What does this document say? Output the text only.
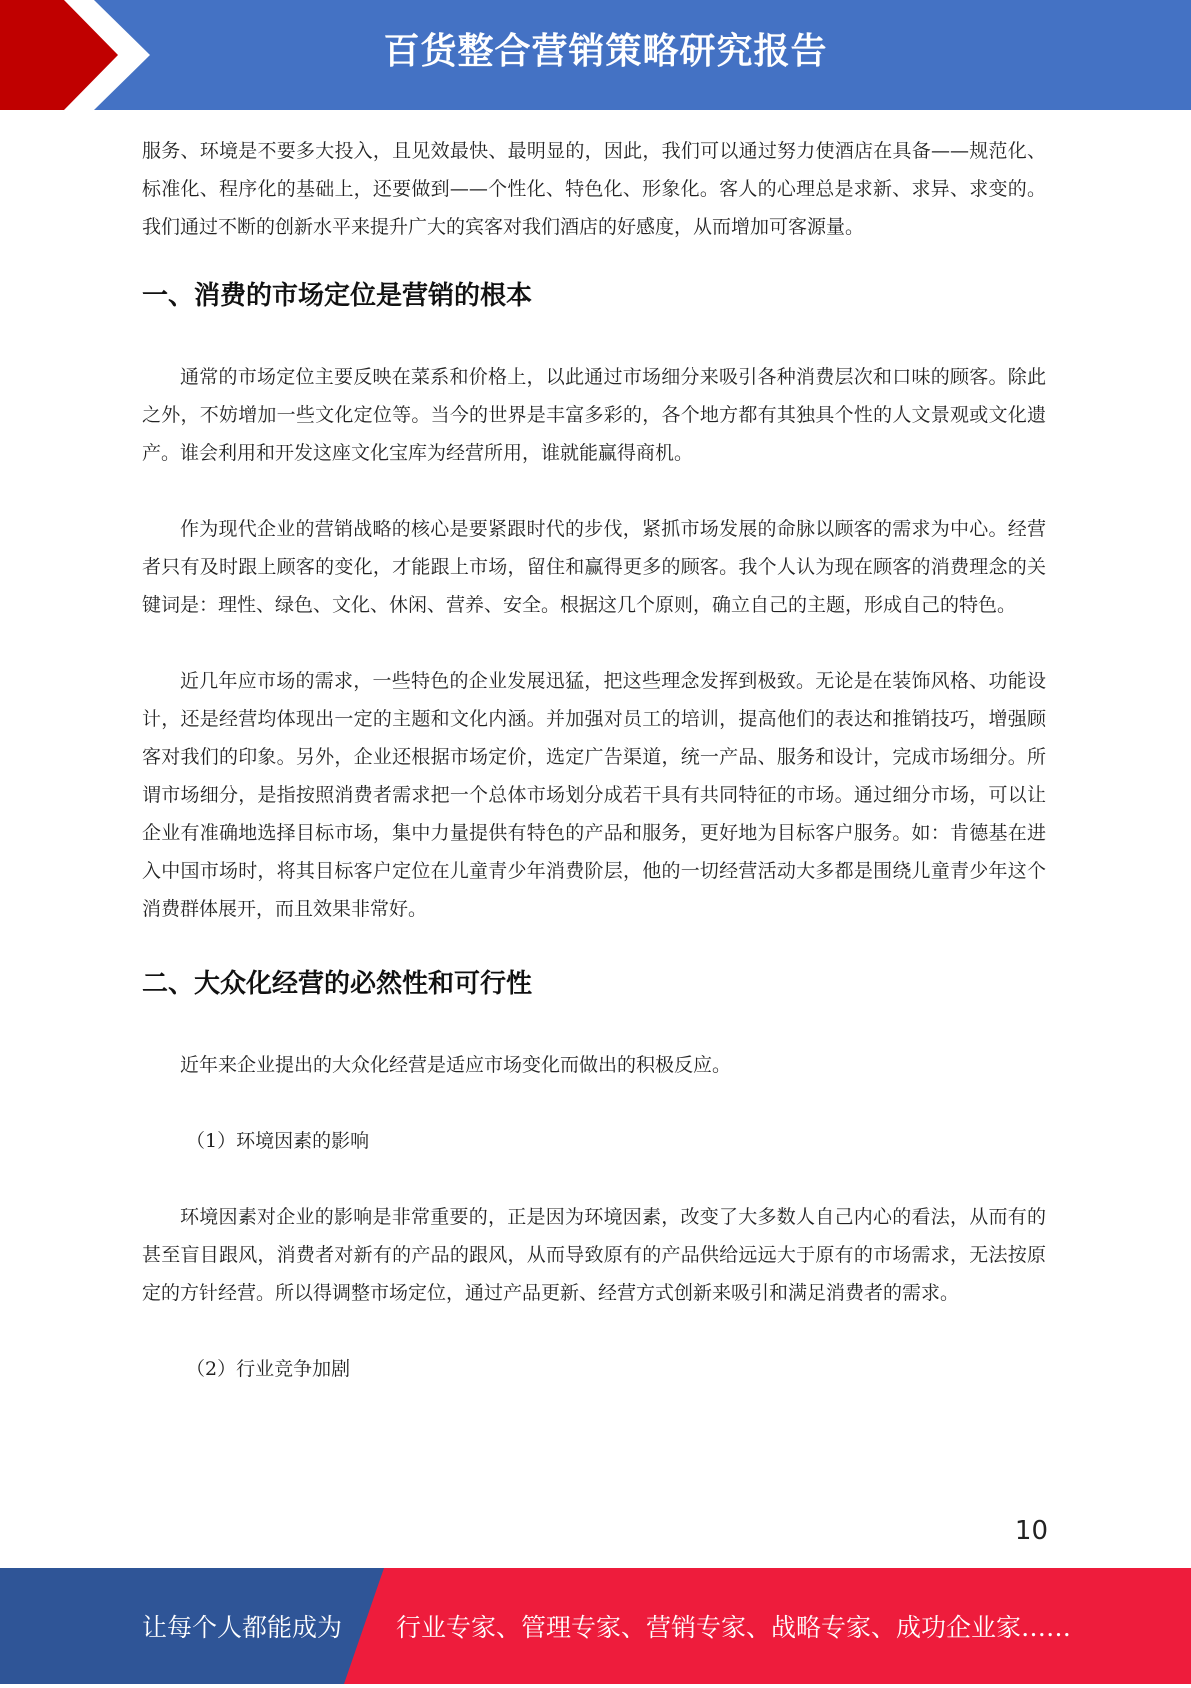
百货整合营销策略研究报告

服务、环境是不要多大投入，且见效最快、最明显的，因此，我们可以通过努力使酒店在具备——规范化、标准化、程序化的基础上，还要做到——个性化、特色化、形象化。客人的心理总是求新、求异、求变的。我们通过不断的创新水平来提升广大的宾客对我们酒店的好感度，从而增加可客源量。

一、消费的市场定位是营销的根本

通常的市场定位主要反映在菜系和价格上，以此通过市场细分来吸引各种消费层次和口味的顾客。除此之外，不妨增加一些文化定位等。当今的世界是丰富多彩的，各个地方都有其独具个性的人文景观或文化遗产。谁会利用和开发这座文化宝库为经营所用，谁就能赢得商机。

作为现代企业的营销战略的核心是要紧跟时代的步伐，紧抓市场发展的命脉以顾客的需求为中心。经营者只有及时跟上顾客的变化，才能跟上市场，留住和赢得更多的顾客。我个人认为现在顾客的消费理念的关键词是：理性、绿色、文化、休闲、营养、安全。根据这几个原则，确立自己的主题，形成自己的特色。

近几年应市场的需求，一些特色的企业发展迅猛，把这些理念发挥到极致。无论是在装饰风格、功能设计，还是经营均体现出一定的主题和文化内涵。并加强对员工的培训，提高他们的表达和推销技巧，增强顾客对我们的印象。另外，企业还根据市场定价，选定广告渠道，统一产品、服务和设计，完成市场细分。所谓市场细分，是指按照消费者需求把一个总体市场划分成若干具有共同特征的市场。通过细分市场，可以让企业有准确地选择目标市场，集中力量提供有特色的产品和服务，更好地为目标客户服务。如：肯德基在进入中国市场时，将其目标客户定位在儿童青少年消费阶层，他的一切经营活动大多都是围绕儿童青少年这个消费群体展开，而且效果非常好。

二、大众化经营的必然性和可行性

近年来企业提出的大众化经营是适应市场变化而做出的积极反应。

（1）环境因素的影响

环境因素对企业的影响是非常重要的，正是因为环境因素，改变了大多数人自己内心的看法，从而有的甚至盲目跟风，消费者对新有的产品的跟风，从而导致原有的产品供给远远大于原有的市场需求，无法按原定的方针经营。所以得调整市场定位，通过产品更新、经营方式创新来吸引和满足消费者的需求。

（2）行业竞争加剧

10
让每个人都能成为 行业专家、管理专家、营销专家、战略专家、成功企业家……
